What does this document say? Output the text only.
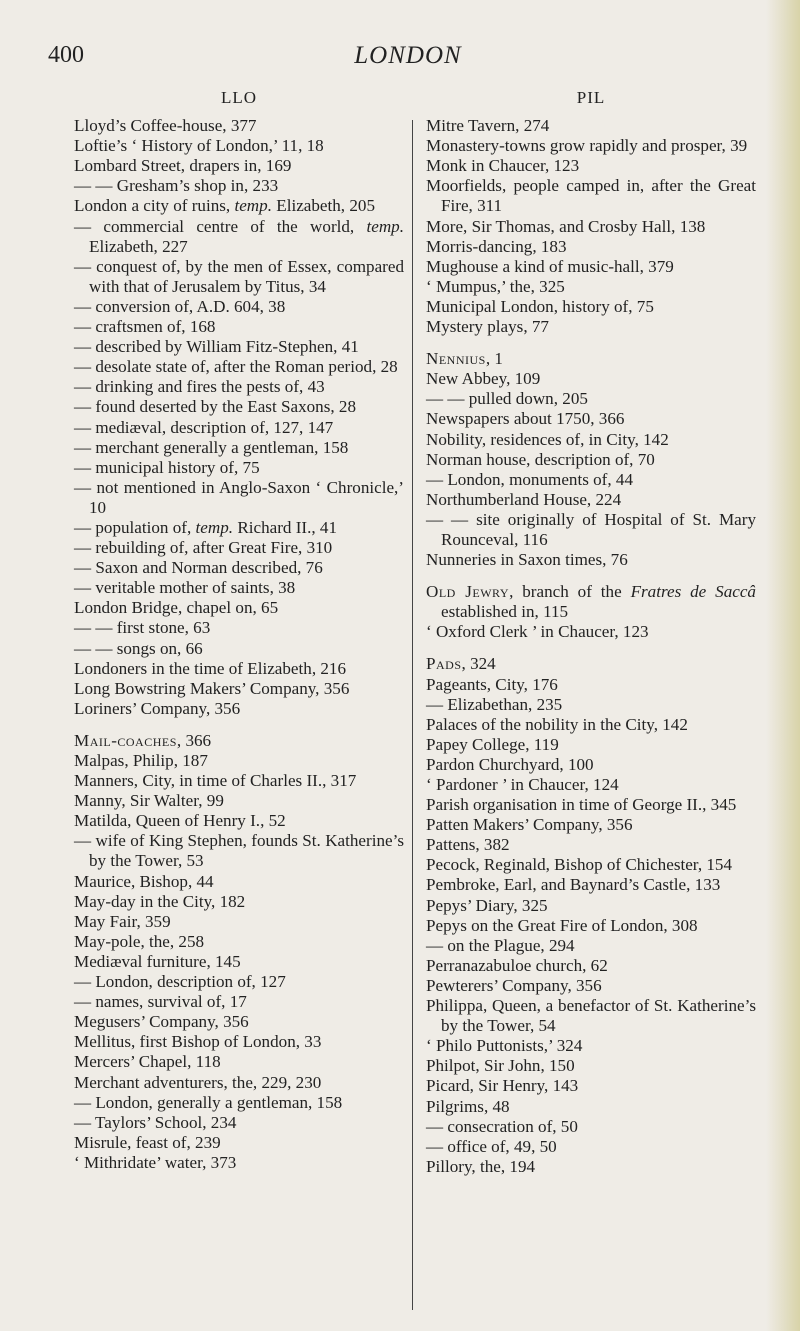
400	LONDON
LLO
Lloyd’s Coffee-house, 377
Loftie’s ‘ History of London,’ 11, 18
Lombard Street, drapers in, 169
— — Gresham’s shop in, 233
London a city of ruins, temp. Elizabeth, 205
— commercial centre of the world, temp. Elizabeth, 227
— conquest of, by the men of Essex, compared with that of Jerusalem by Titus, 34
— conversion of, A.D. 604, 38
— craftsmen of, 168
— described by William Fitz-Stephen, 41
— desolate state of, after the Roman period, 28
— drinking and fires the pests of, 43
— found deserted by the East Saxons, 28
— mediæval, description of, 127, 147
— merchant generally a gentleman, 158
— municipal history of, 75
— not mentioned in Anglo-Saxon ‘ Chronicle,’ 10
— population of, temp. Richard II., 41
— rebuilding of, after Great Fire, 310
— Saxon and Norman described, 76
— veritable mother of saints, 38
London Bridge, chapel on, 65
— — first stone, 63
— — songs on, 66
Londoners in the time of Elizabeth, 216
Long Bowstring Makers’ Company, 356
Loriners’ Company, 356
Mail-coaches, 366
Malpas, Philip, 187
Manners, City, in time of Charles II., 317
Manny, Sir Walter, 99
Matilda, Queen of Henry I., 52
— wife of King Stephen, founds St. Katherine’s by the Tower, 53
Maurice, Bishop, 44
May-day in the City, 182
May Fair, 359
May-pole, the, 258
Mediæval furniture, 145
— London, description of, 127
— names, survival of, 17
Megusers’ Company, 356
Mellitus, first Bishop of London, 33
Mercers’ Chapel, 118
Merchant adventurers, the, 229, 230
— London, generally a gentleman, 158
— Taylors’ School, 234
Misrule, feast of, 239
‘ Mithridate’ water, 373
PIL
Mitre Tavern, 274
Monastery-towns grow rapidly and prosper, 39
Monk in Chaucer, 123
Moorfields, people camped in, after the Great Fire, 311
More, Sir Thomas, and Crosby Hall, 138
Morris-dancing, 183
Mughouse a kind of music-hall, 379
‘ Mumpus,’ the, 325
Municipal London, history of, 75
Mystery plays, 77
Nennius, 1
New Abbey, 109
— — pulled down, 205
Newspapers about 1750, 366
Nobility, residences of, in City, 142
Norman house, description of, 70
— London, monuments of, 44
Northumberland House, 224
— — site originally of Hospital of St. Mary Rounceval, 116
Nunneries in Saxon times, 76
Old Jewry, branch of the Fratres de Saccâ established in, 115
‘ Oxford Clerk ’ in Chaucer, 123
Pads, 324
Pageants, City, 176
— Elizabethan, 235
Palaces of the nobility in the City, 142
Papey College, 119
Pardon Churchyard, 100
‘ Pardoner ’ in Chaucer, 124
Parish organisation in time of George II., 345
Patten Makers’ Company, 356
Pattens, 382
Pecock, Reginald, Bishop of Chichester, 154
Pembroke, Earl, and Baynard’s Castle, 133
Pepys’ Diary, 325
Pepys on the Great Fire of London, 308
— on the Plague, 294
Perranazabuloe church, 62
Pewterers’ Company, 356
Philippa, Queen, a benefactor of St. Katherine’s by the Tower, 54
‘ Philo Puttonists,’ 324
Philpot, Sir John, 150
Picard, Sir Henry, 143
Pilgrims, 48
— consecration of, 50
— office of, 49, 50
Pillory, the, 194
